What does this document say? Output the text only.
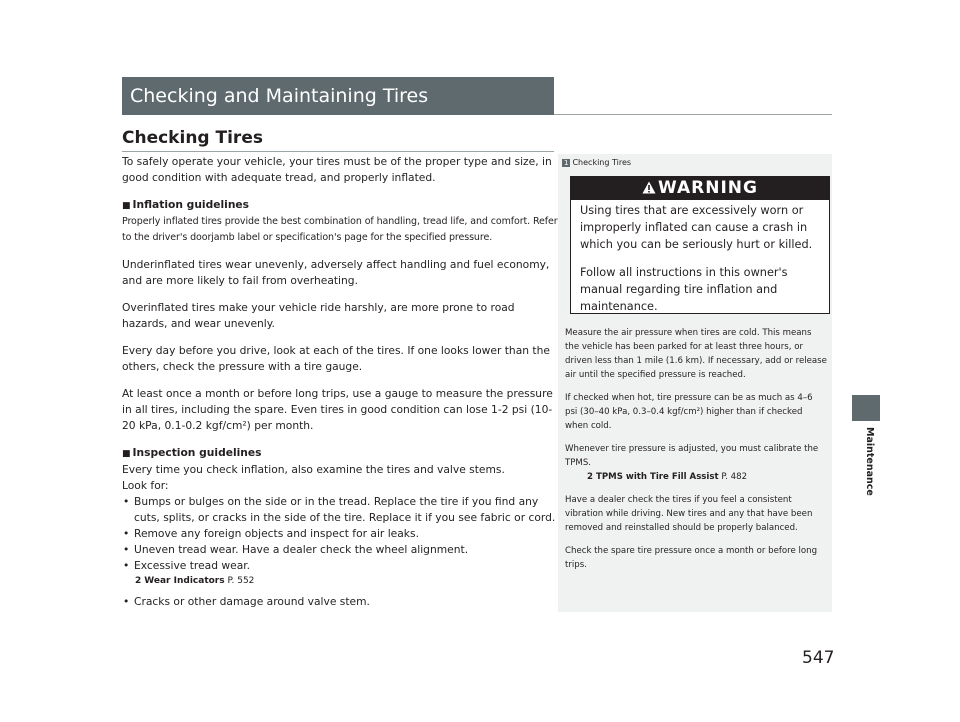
Checking and Maintaining Tires
Checking Tires

To safely operate your vehicle, your tires must be of the proper type and size, in good condition with adequate tread, and properly inflated.

■ Inflation guidelines

Properly inflated tires provide the best combination of handling, tread life, and comfort. Refer to the driver's doorjamb label or specification's page for the specified pressure.

Underinflated tires wear unevenly, adversely affect handling and fuel economy, and are more likely to fail from overheating.

Overinflated tires make your vehicle ride harshly, are more prone to road hazards, and wear unevenly.

Every day before you drive, look at each of the tires. If one looks lower than the others, check the pressure with a tire gauge.

At least once a month or before long trips, use a gauge to measure the pressure in all tires, including the spare. Even tires in good condition can lose 1-2 psi (10-20 kPa, 0.1-0.2 kgf/cm²) per month.

■ Inspection guidelines
Every time you check inflation, also examine the tires and valve stems.
Look for:
• Bumps or bulges on the side or in the tread. Replace the tire if you find any cuts, splits, or cracks in the side of the tire. Replace it if you see fabric or cord.
• Remove any foreign objects and inspect for air leaks.
• Uneven tread wear. Have a dealer check the wheel alignment.
• Excessive tread wear.
2 Wear Indicators P. 552
• Cracks or other damage around valve stem.
1 Checking Tires
WARNING

Using tires that are excessively worn or improperly inflated can cause a crash in which you can be seriously hurt or killed.

Follow all instructions in this owner's manual regarding tire inflation and maintenance.

Measure the air pressure when tires are cold. This means the vehicle has been parked for at least three hours, or driven less than 1 mile (1.6 km). If necessary, add or release air until the specified pressure is reached.

If checked when hot, tire pressure can be as much as 4–6 psi (30–40 kPa, 0.3–0.4 kgf/cm²) higher than if checked when cold.

Whenever tire pressure is adjusted, you must calibrate the TPMS.
2 TPMS with Tire Fill Assist P. 482

Have a dealer check the tires if you feel a consistent vibration while driving. New tires and any that have been removed and reinstalled should be properly balanced.

Check the spare tire pressure once a month or before long trips.

Maintenance
547
